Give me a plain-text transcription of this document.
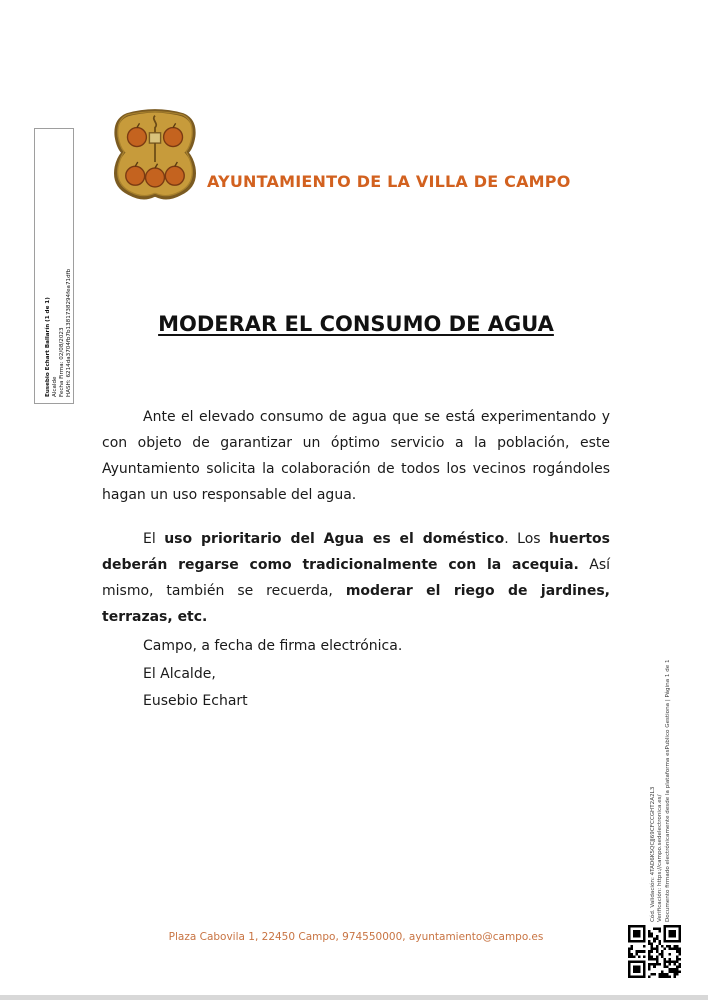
Eusebio Echart Ballarín (1 de 1) Alcalde Fecha Firma: 02/08/2023 HASH: 6214da3704fb7b1381738294fea71dfb
AYUNTAMIENTO DE LA VILLA DE CAMPO
MODERAR EL CONSUMO DE AGUA

Ante el elevado consumo de agua que se está experimentando y con objeto de garantizar un óptimo servicio a la población, este Ayuntamiento solicita la colaboración de todos los vecinos rogándoles hagan un uso responsable del agua.

El uso prioritario del Agua es el doméstico. Los huertos deberán regarse como tradicionalmente con la acequia. Así mismo, también se recuerda, moderar el riego de jardines, terrazas, etc.

Campo, a fecha de firma electrónica.
El Alcalde,
Eusebio Echart
Cód. Validación: 4TAD6K5QCJJ69CFCCGHT2A2L3 Verificación: https://campo.sedelectronica.es/ Documento firmado electrónicamente desde la plataforma esPublico Gestiona | Página 1 de 1
Plaza Cabovila 1, 22450 Campo, 974550000, ayuntamiento@campo.es
